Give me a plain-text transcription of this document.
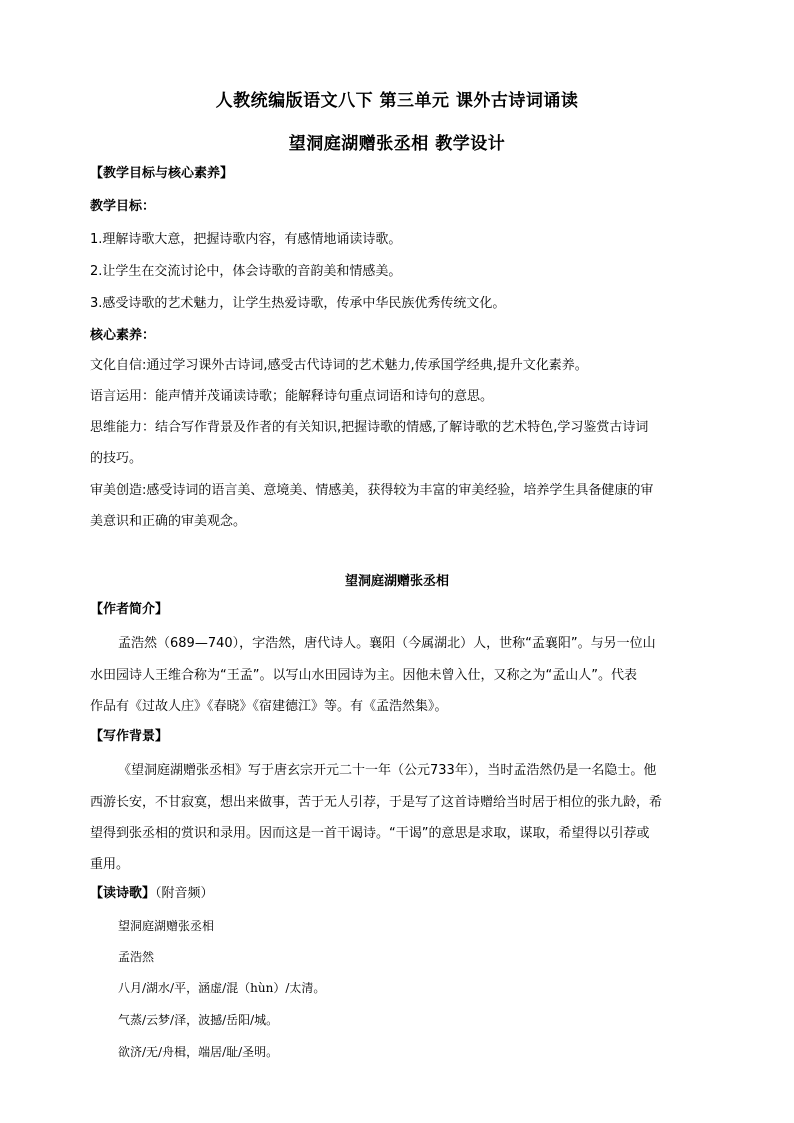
人教统编版语文八下 第三单元 课外古诗词诵读
望洞庭湖赠张丞相 教学设计
【教学目标与核心素养】
教学目标：
1.理解诗歌大意，把握诗歌内容，有感情地诵读诗歌。
2.让学生在交流讨论中，体会诗歌的音韵美和情感美。
3.感受诗歌的艺术魅力，让学生热爱诗歌，传承中华民族优秀传统文化。
核心素养：
文化自信:通过学习课外古诗词,感受古代诗词的艺术魅力,传承国学经典,提升文化素养。
语言运用：能声情并茂诵读诗歌；能解释诗句重点词语和诗句的意思。
思维能力：结合写作背景及作者的有关知识,把握诗歌的情感,了解诗歌的艺术特色,学习鉴赏古诗词
的技巧。
审美创造:感受诗词的语言美、意境美、情感美，获得较为丰富的审美经验，培养学生具备健康的审
美意识和正确的审美观念。
望洞庭湖赠张丞相
【作者简介】
孟浩然（689—740），字浩然，唐代诗人。襄阳（今属湖北）人，世称“孟襄阳”。与另一位山
水田园诗人王维合称为“王孟”。以写山水田园诗为主。因他未曾入仕，又称之为“孟山人”。代表
作品有《过故人庄》《春晓》《宿建德江》等。有《孟浩然集》。
【写作背景】
《望洞庭湖赠张丞相》写于唐玄宗开元二十一年（公元733年），当时孟浩然仍是一名隐士。他
西游长安，不甘寂寞，想出来做事，苦于无人引荐，于是写了这首诗赠给当时居于相位的张九龄，希
望得到张丞相的赏识和录用。因而这是一首干谒诗。“干谒”的意思是求取，谋取，希望得以引荐或
重用。
【读诗歌】（附音频）
望洞庭湖赠张丞相
孟浩然
八月/湖水/平，涵虚/混（hùn）/太清。
气蒸/云梦/泽，波撼/岳阳/城。
欲济/无/舟楫，端居/耻/圣明。
